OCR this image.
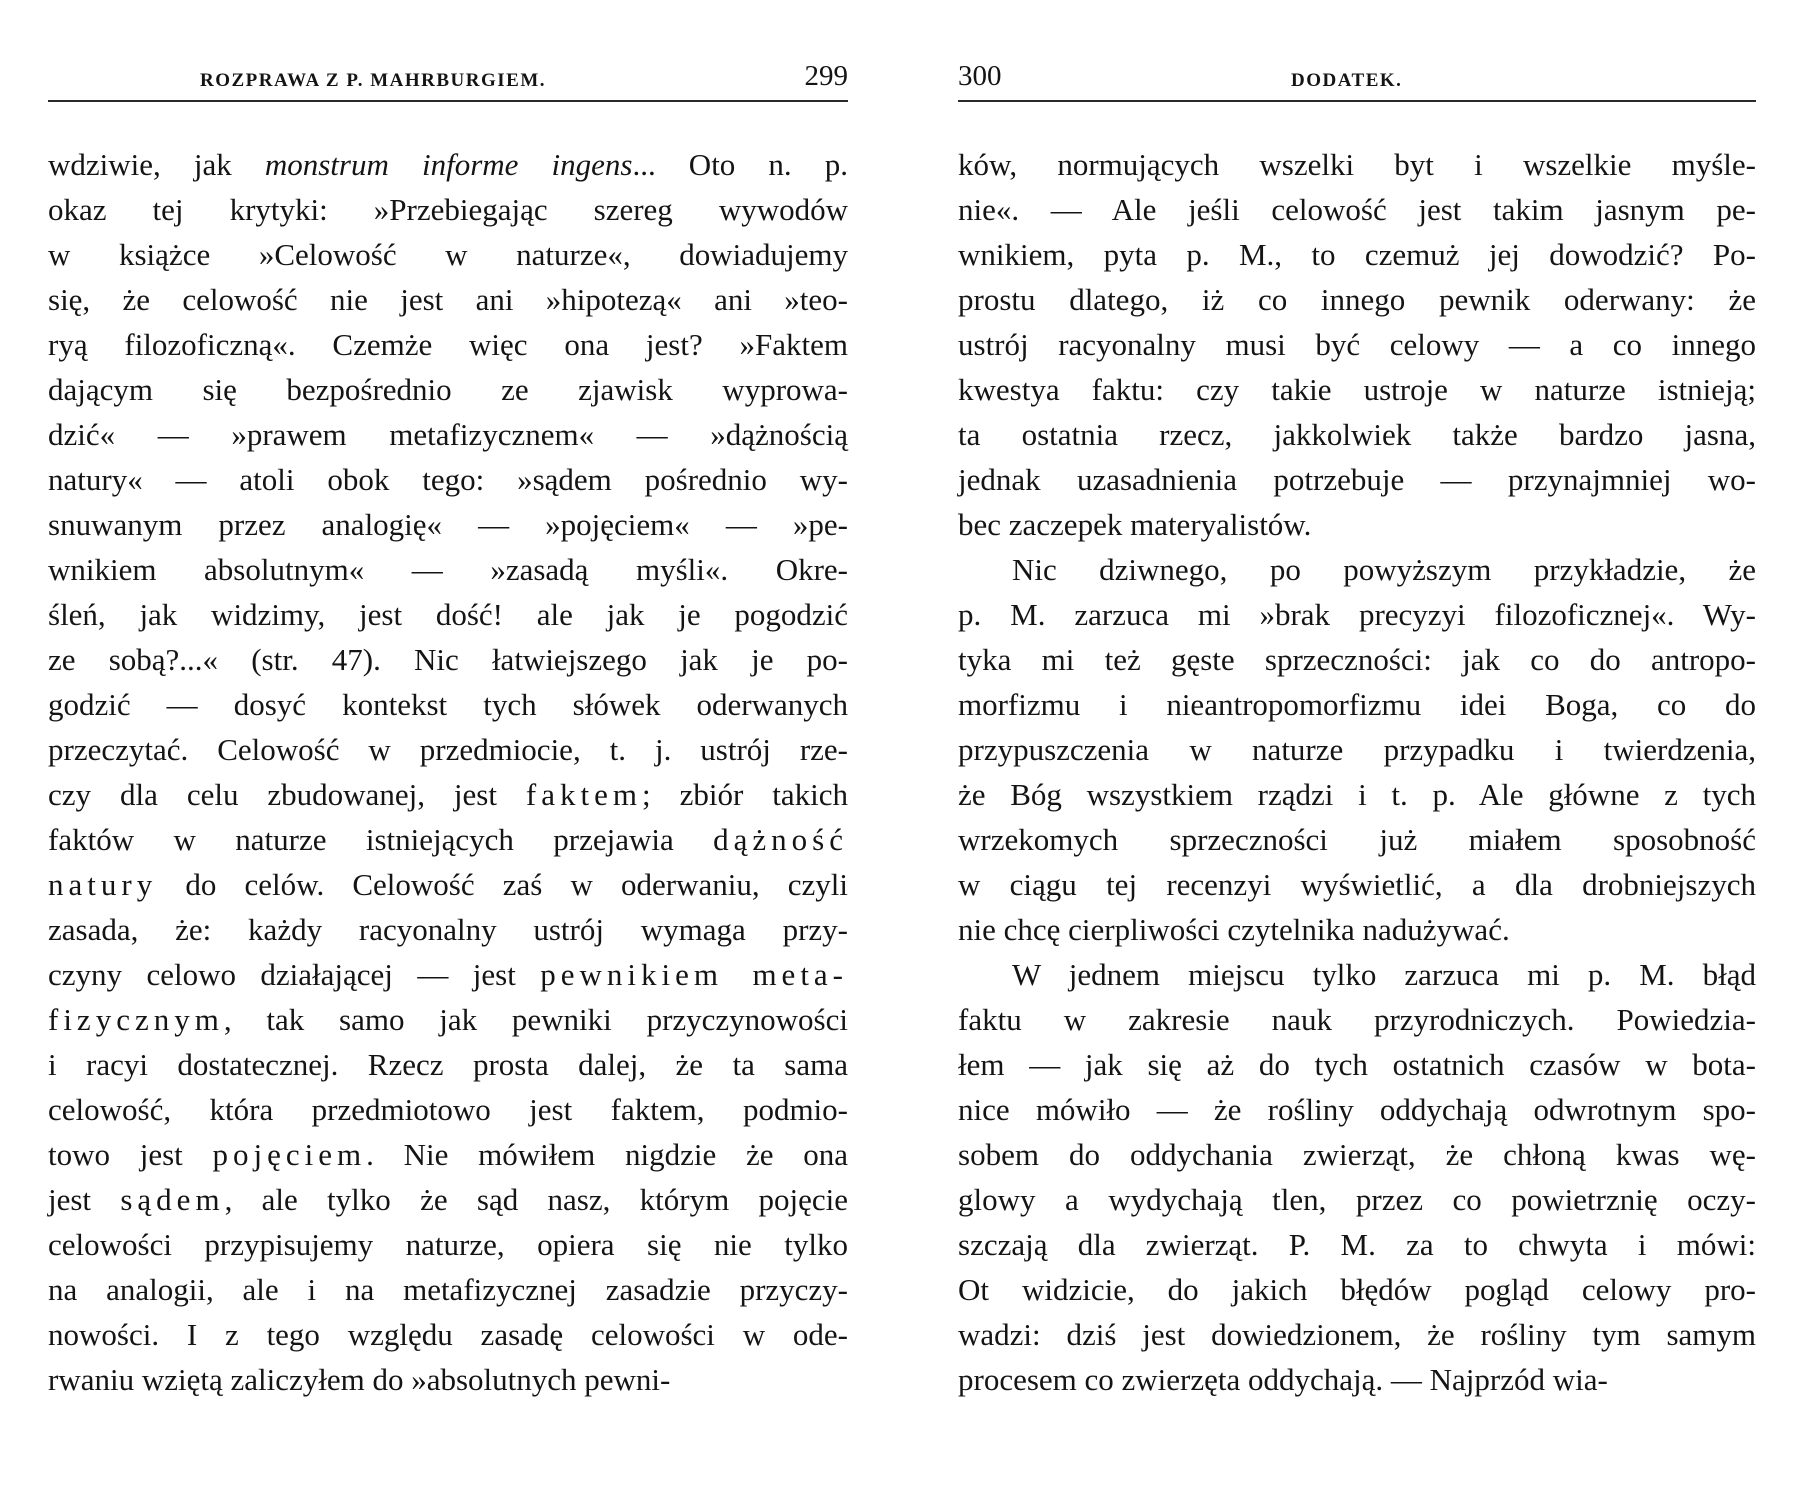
ROZPRAWA Z P. MAHRBURGIEM.	299
wdziwie, jak monstrum informe ingens... Oto n. p.
okaz tej krytyki: »Przebiegając szereg wywodów
w książce »Celowość w naturze«, dowiadujemy
się, że celowość nie jest ani »hipotezą« ani »teo-
ryą filozoficzną«. Czemże więc ona jest? »Faktem
dającym się bezpośrednio ze zjawisk wyprowa-
dzić« — »prawem metafizycznem« — »dążnością
natury« — atoli obok tego: »sądem pośrednio wy-
snuwanym przez analogię« — »pojęciem« — »pe-
wnikiem absolutnym« — »zasadą myśli«. Okre-
śleń, jak widzimy, jest dość! ale jak je pogodzić
ze sobą?...« (str. 47). Nic łatwiejszego jak je po-
godzić — dosyć kontekst tych słówek oderwanych
przeczytać. Celowość w przedmiocie, t. j. ustrój rze-
czy dla celu zbudowanej, jest faktem; zbiór takich
faktów w naturze istniejących przejawia dążność
natury do celów. Celowość zaś w oderwaniu, czyli
zasada, że: każdy racyonalny ustrój wymaga przy-
czyny celowo działającej — jest pewnikiem meta-
fizycznym, tak samo jak pewniki przyczynowości
i racyi dostatecznej. Rzecz prosta dalej, że ta sama
celowość, która przedmiotowo jest faktem, podmio-
towo jest pojęciem. Nie mówiłem nigdzie że ona
jest sądem, ale tylko że sąd nasz, którym pojęcie
celowości przypisujemy naturze, opiera się nie tylko
na analogii, ale i na metafizycznej zasadzie przyczy-
nowości. I z tego względu zasadę celowości w ode-
rwaniu wziętą zaliczyłem do »absolutnych pewni-
300	DODATEK.
ków, normujących wszelki byt i wszelkie myśle-
nie«. — Ale jeśli celowość jest takim jasnym pe-
wnikiem, pyta p. M., to czemuż jej dowodzić? Po-
prostu dlatego, iż co innego pewnik oderwany: że
ustrój racyonalny musi być celowy — a co innego
kwestya faktu: czy takie ustroje w naturze istnieją;
ta ostatnia rzecz, jakkolwiek także bardzo jasna,
jednak uzasadnienia potrzebuje — przynajmniej wo-
bec zaczepek materyalistów.
Nic dziwnego, po powyższym przykładzie, że
p. M. zarzuca mi »brak precyzyi filozoficznej«. Wy-
tyka mi też gęste sprzeczności: jak co do antropo-
morfizmu i nieantropomorfizmu idei Boga, co do
przypuszczenia w naturze przypadku i twierdzenia,
że Bóg wszystkiem rządzi i t. p. Ale główne z tych
wrzekomych sprzeczności już miałem sposobność
w ciągu tej recenzyi wyświetlić, a dla drobniejszych
nie chcę cierpliwości czytelnika nadużywać.
W jednem miejscu tylko zarzuca mi p. M. błąd
faktu w zakresie nauk przyrodniczych. Powiedzia-
łem — jak się aż do tych ostatnich czasów w bota-
nice mówiło — że rośliny oddychają odwrotnym spo-
sobem do oddychania zwierząt, że chłoną kwas wę-
glowy a wydychają tlen, przez co powietrznię oczy-
szczają dla zwierząt. P. M. za to chwyta i mówi:
Ot widzicie, do jakich błędów pogląd celowy pro-
wadzi: dziś jest dowiedzionem, że rośliny tym samym
procesem co zwierzęta oddychają. — Najprzód wia-
